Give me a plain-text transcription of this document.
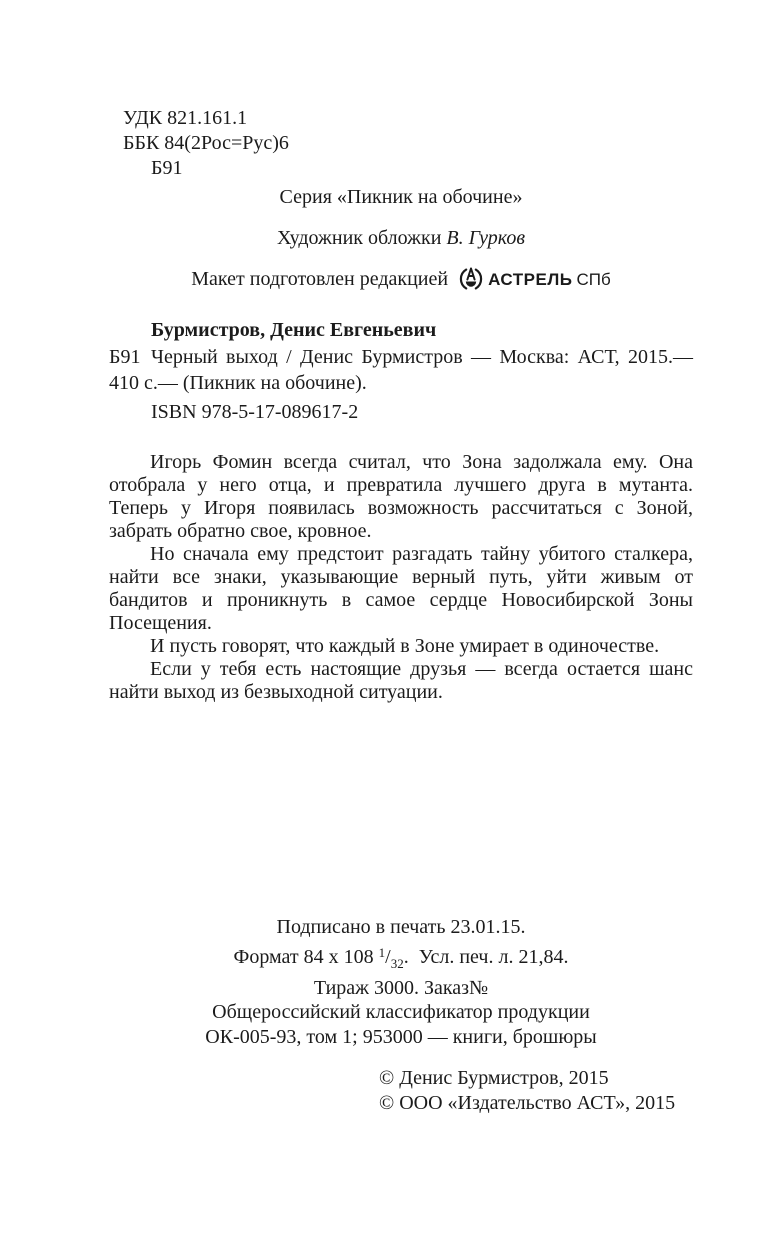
УДК 821.161.1
ББК 84(2Рос=Рус)6
Б91
Серия «Пикник на обочине»
Художник обложки В. Гурков
Макет подготовлен редакцией АСТРЕЛЬ СПб
Бурмистров, Денис Евгеньевич
Б91 Черный выход / Денис Бурмистров — Москва: АСТ, 2015.— 410 с.— (Пикник на обочине).

ISBN 978-5-17-089617-2

Игорь Фомин всегда считал, что Зона задолжала ему. Она отобрала у него отца, и превратила лучшего друга в мутанта. Теперь у Игоря появилась возможность рассчитаться с Зоной, забрать обратно свое, кровное.

Но сначала ему предстоит разгадать тайну убитого сталкера, найти все знаки, указывающие верный путь, уйти живым от бандитов и проникнуть в самое сердце Новосибирской Зоны Посещения.

И пусть говорят, что каждый в Зоне умирает в одиночестве.

Если у тебя есть настоящие друзья — всегда остается шанс найти выход из безвыходной ситуации.

Подписано в печать 23.01.15.
Формат 84 х 108 $^1/_{32}$.  Усл. печ. л. 21,84.
Тираж 3000. Заказ№
Общероссийский классификатор продукции
ОК-005-93, том 1; 953000 — книги, брошюры
© Денис Бурмистров, 2015
© ООО «Издательство АСТ», 2015
